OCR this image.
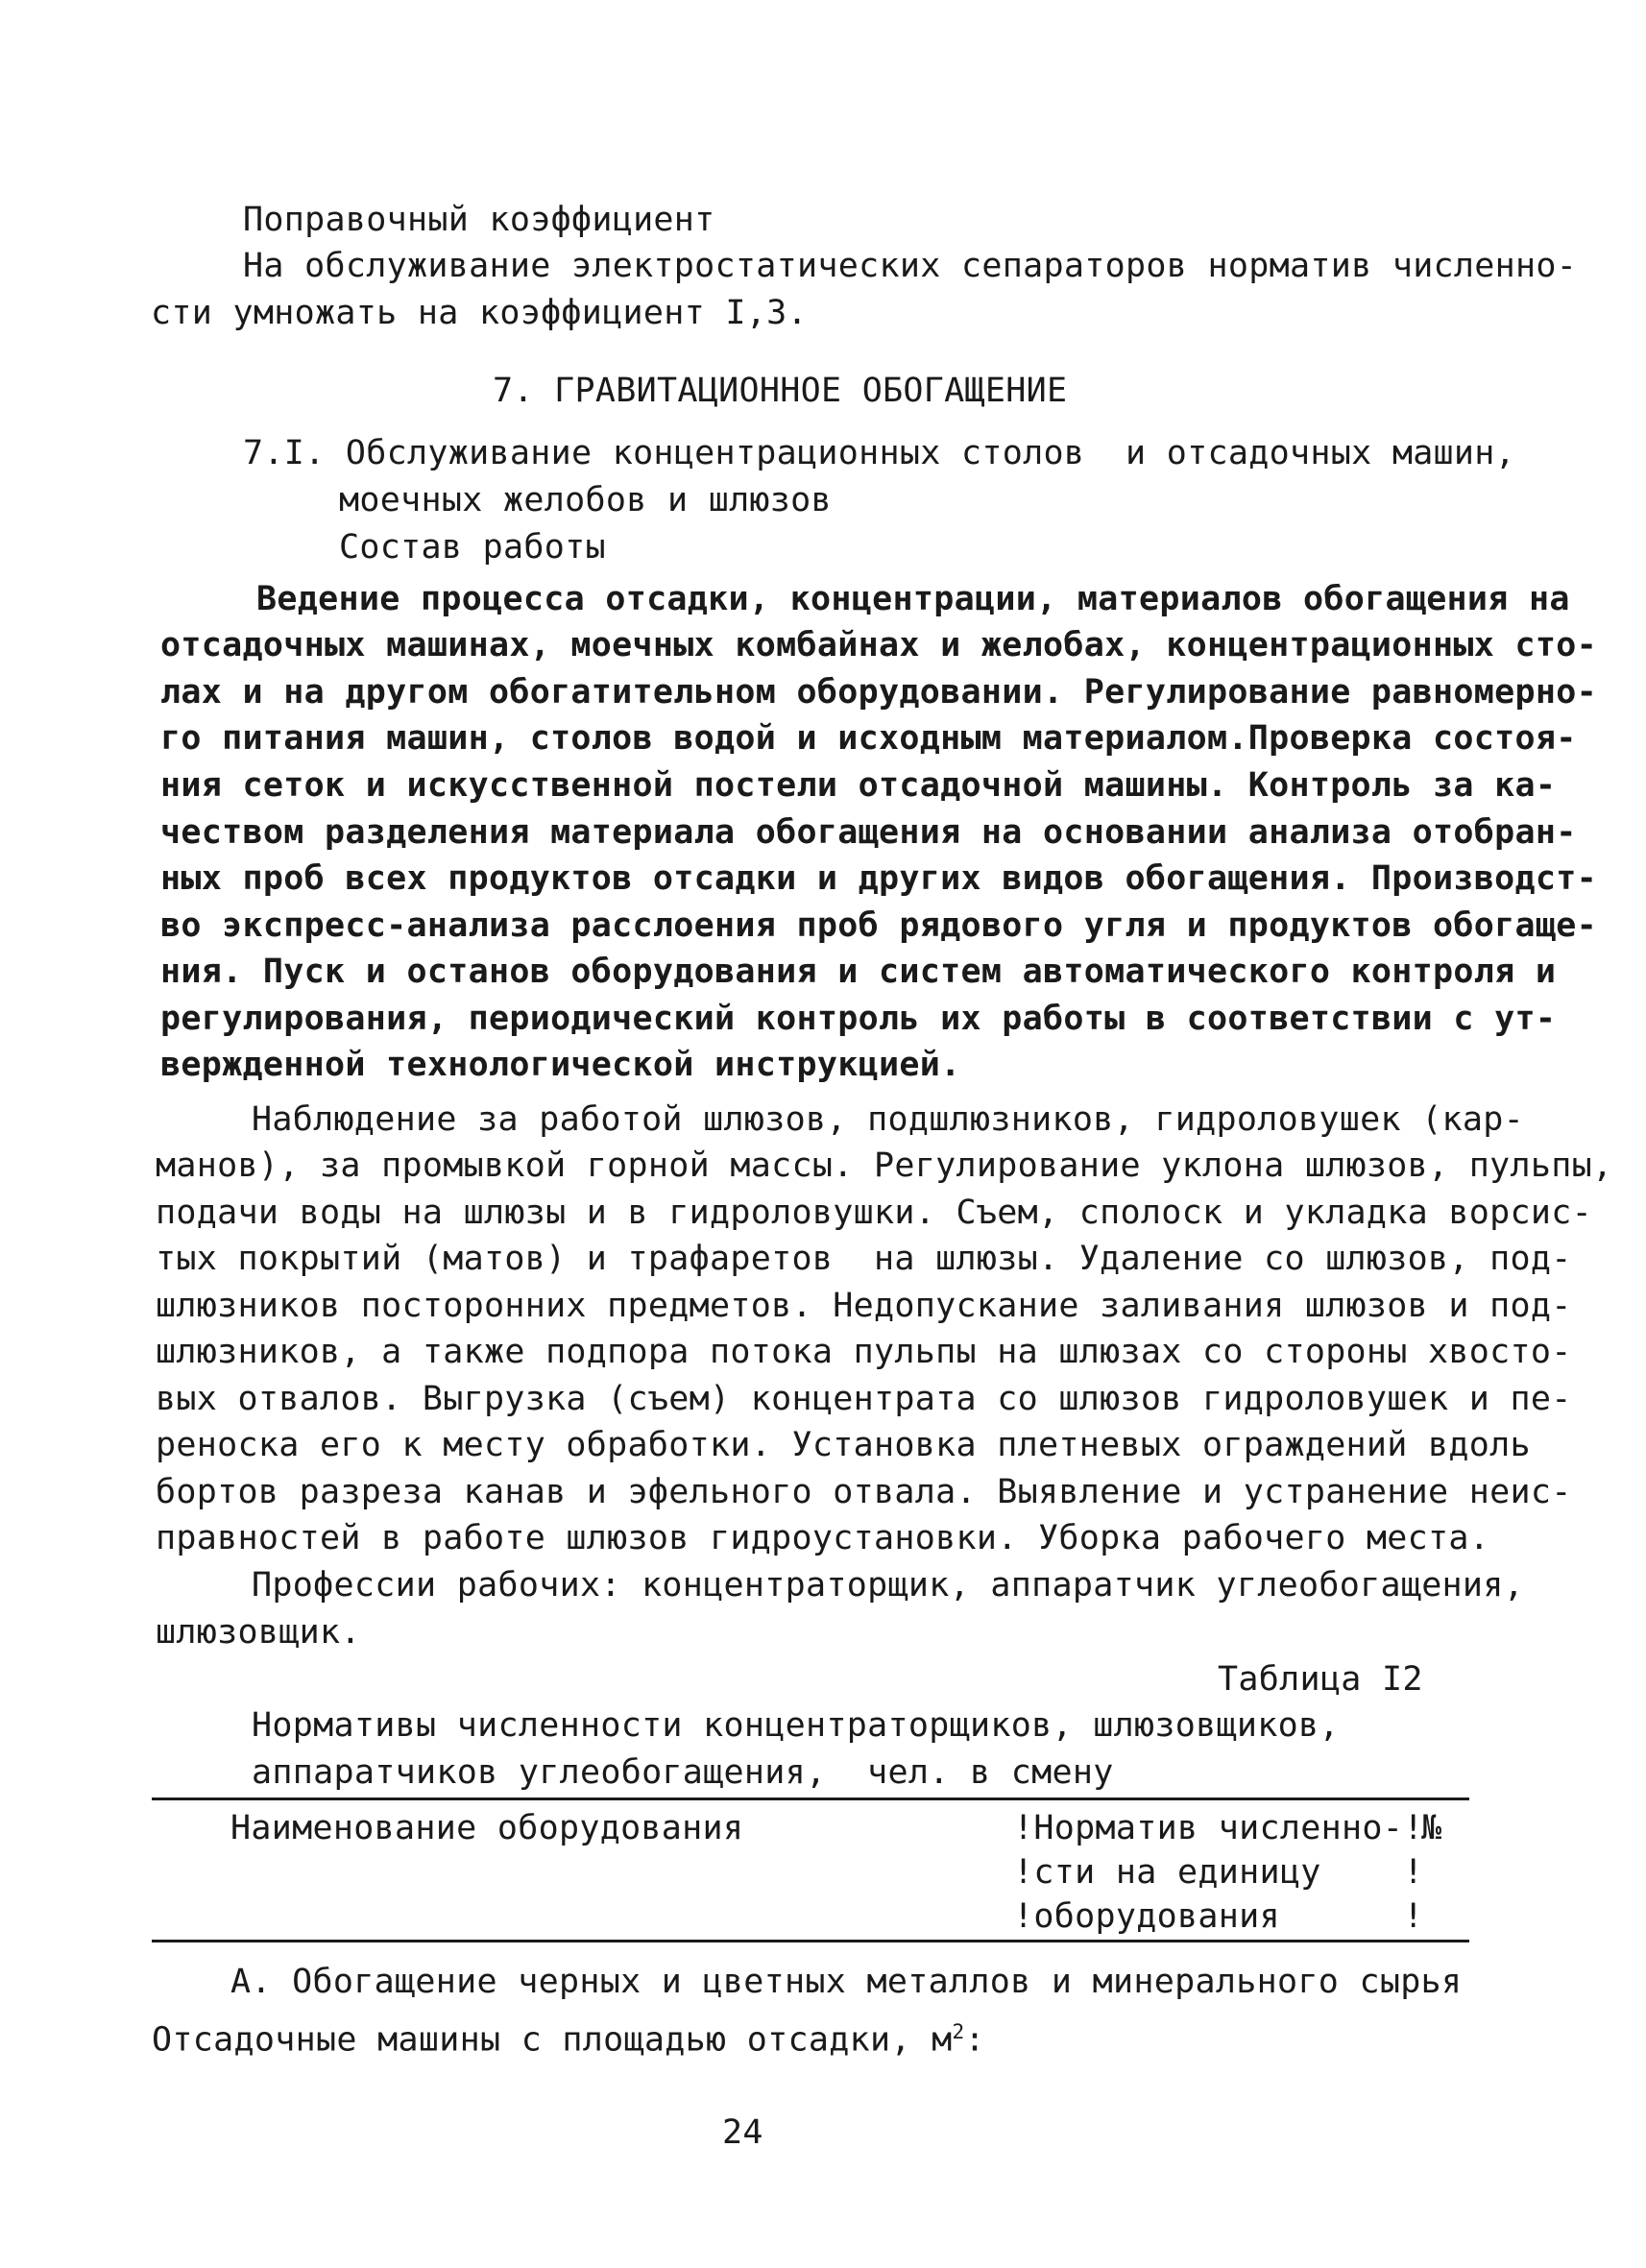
Поправочный коэффициент

На обслуживание электростатических сепараторов норматив численно-

сти умножать на коэффициент I,3.

7. ГРАВИТАЦИОННОЕ ОБОГАЩЕНИЕ

7.I. Обслуживание концентрационных столов  и отсадочных машин,

моечных желобов и шлюзов

Состав работы

Ведение процесса отсадки, концентрации, материалов обогащения на

отсадочных машинах, моечных комбайнах и желобах, концентрационных сто-

лах и на другом обогатительном оборудовании. Регулирование равномерно-

го питания машин, столов водой и исходным материалом.Проверка состоя-

ния сеток и искусственной постели отсадочной машины. Контроль за ка-

чеством разделения материала обогащения на основании анализа отобран-

ных проб всех продуктов отсадки и других видов обогащения. Производст-

во экспресс-анализа расслоения проб рядового угля и продуктов обогаще-

ния. Пуск и останов оборудования и систем автоматического контроля и

регулирования, периодический контроль их работы в соответствии с ут-

вержденной технологической инструкцией.

Наблюдение за работой шлюзов, подшлюзников, гидроловушек (кар-

манов), за промывкой горной массы. Регулирование уклона шлюзов, пульпы,

подачи воды на шлюзы и в гидроловушки. Съем, сполоск и укладка ворсис-

тых покрытий (матов) и трафаретов  на шлюзы. Удаление со шлюзов, под-

шлюзников посторонних предметов. Недопускание заливания шлюзов и под-

шлюзников, а также подпора потока пульпы на шлюзах со стороны хвосто-

вых отвалов. Выгрузка (съем) концентрата со шлюзов гидроловушек и пе-

реноска его к месту обработки. Установка плетневых ограждений вдоль

бортов разреза канав и эфельного отвала. Выявление и устранение неис-

правностей в работе шлюзов гидроустановки. Уборка рабочего места.

Профессии рабочих: концентраторщик, аппаратчик углеобогащения,

шлюзовщик.

Таблица I2

Нормативы численности концентраторщиков, шлюзовщиков,

аппаратчиков углеобогащения,  чел. в смену

Наименование оборудования	!Норматив численно-!

!сти на единицу    !

!оборудования      !

№

А. Обогащение черных и цветных металлов и минерального сырья

Отсадочные машины с площадью отсадки, $м^2$:

24
